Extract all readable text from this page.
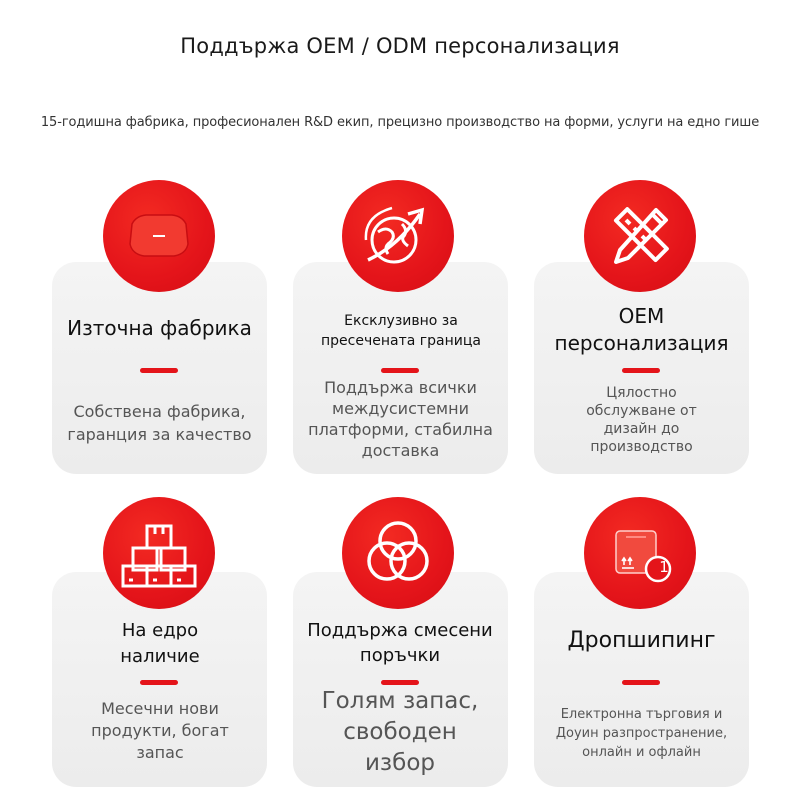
Поддържа OEM / ODM персонализация
15-годишна фабрика, професионален R&D екип, прецизно производство на форми, услуги на едно гише
1
Източна фабрика
Собствена фабрика, гаранция за качество
Ексклузивно за пресечената граница
Поддържа всички междусистемни платформи, стабилна доставка
OEM персонализация
Цялостно обслужване от дизайн до производство
На едро наличие
Месечни нови продукти, богат запас
Поддържа смесени поръчки
Голям запас, свободен избор
Дропшипинг
Електронна търговия и Доуин разпространение, онлайн и офлайн
